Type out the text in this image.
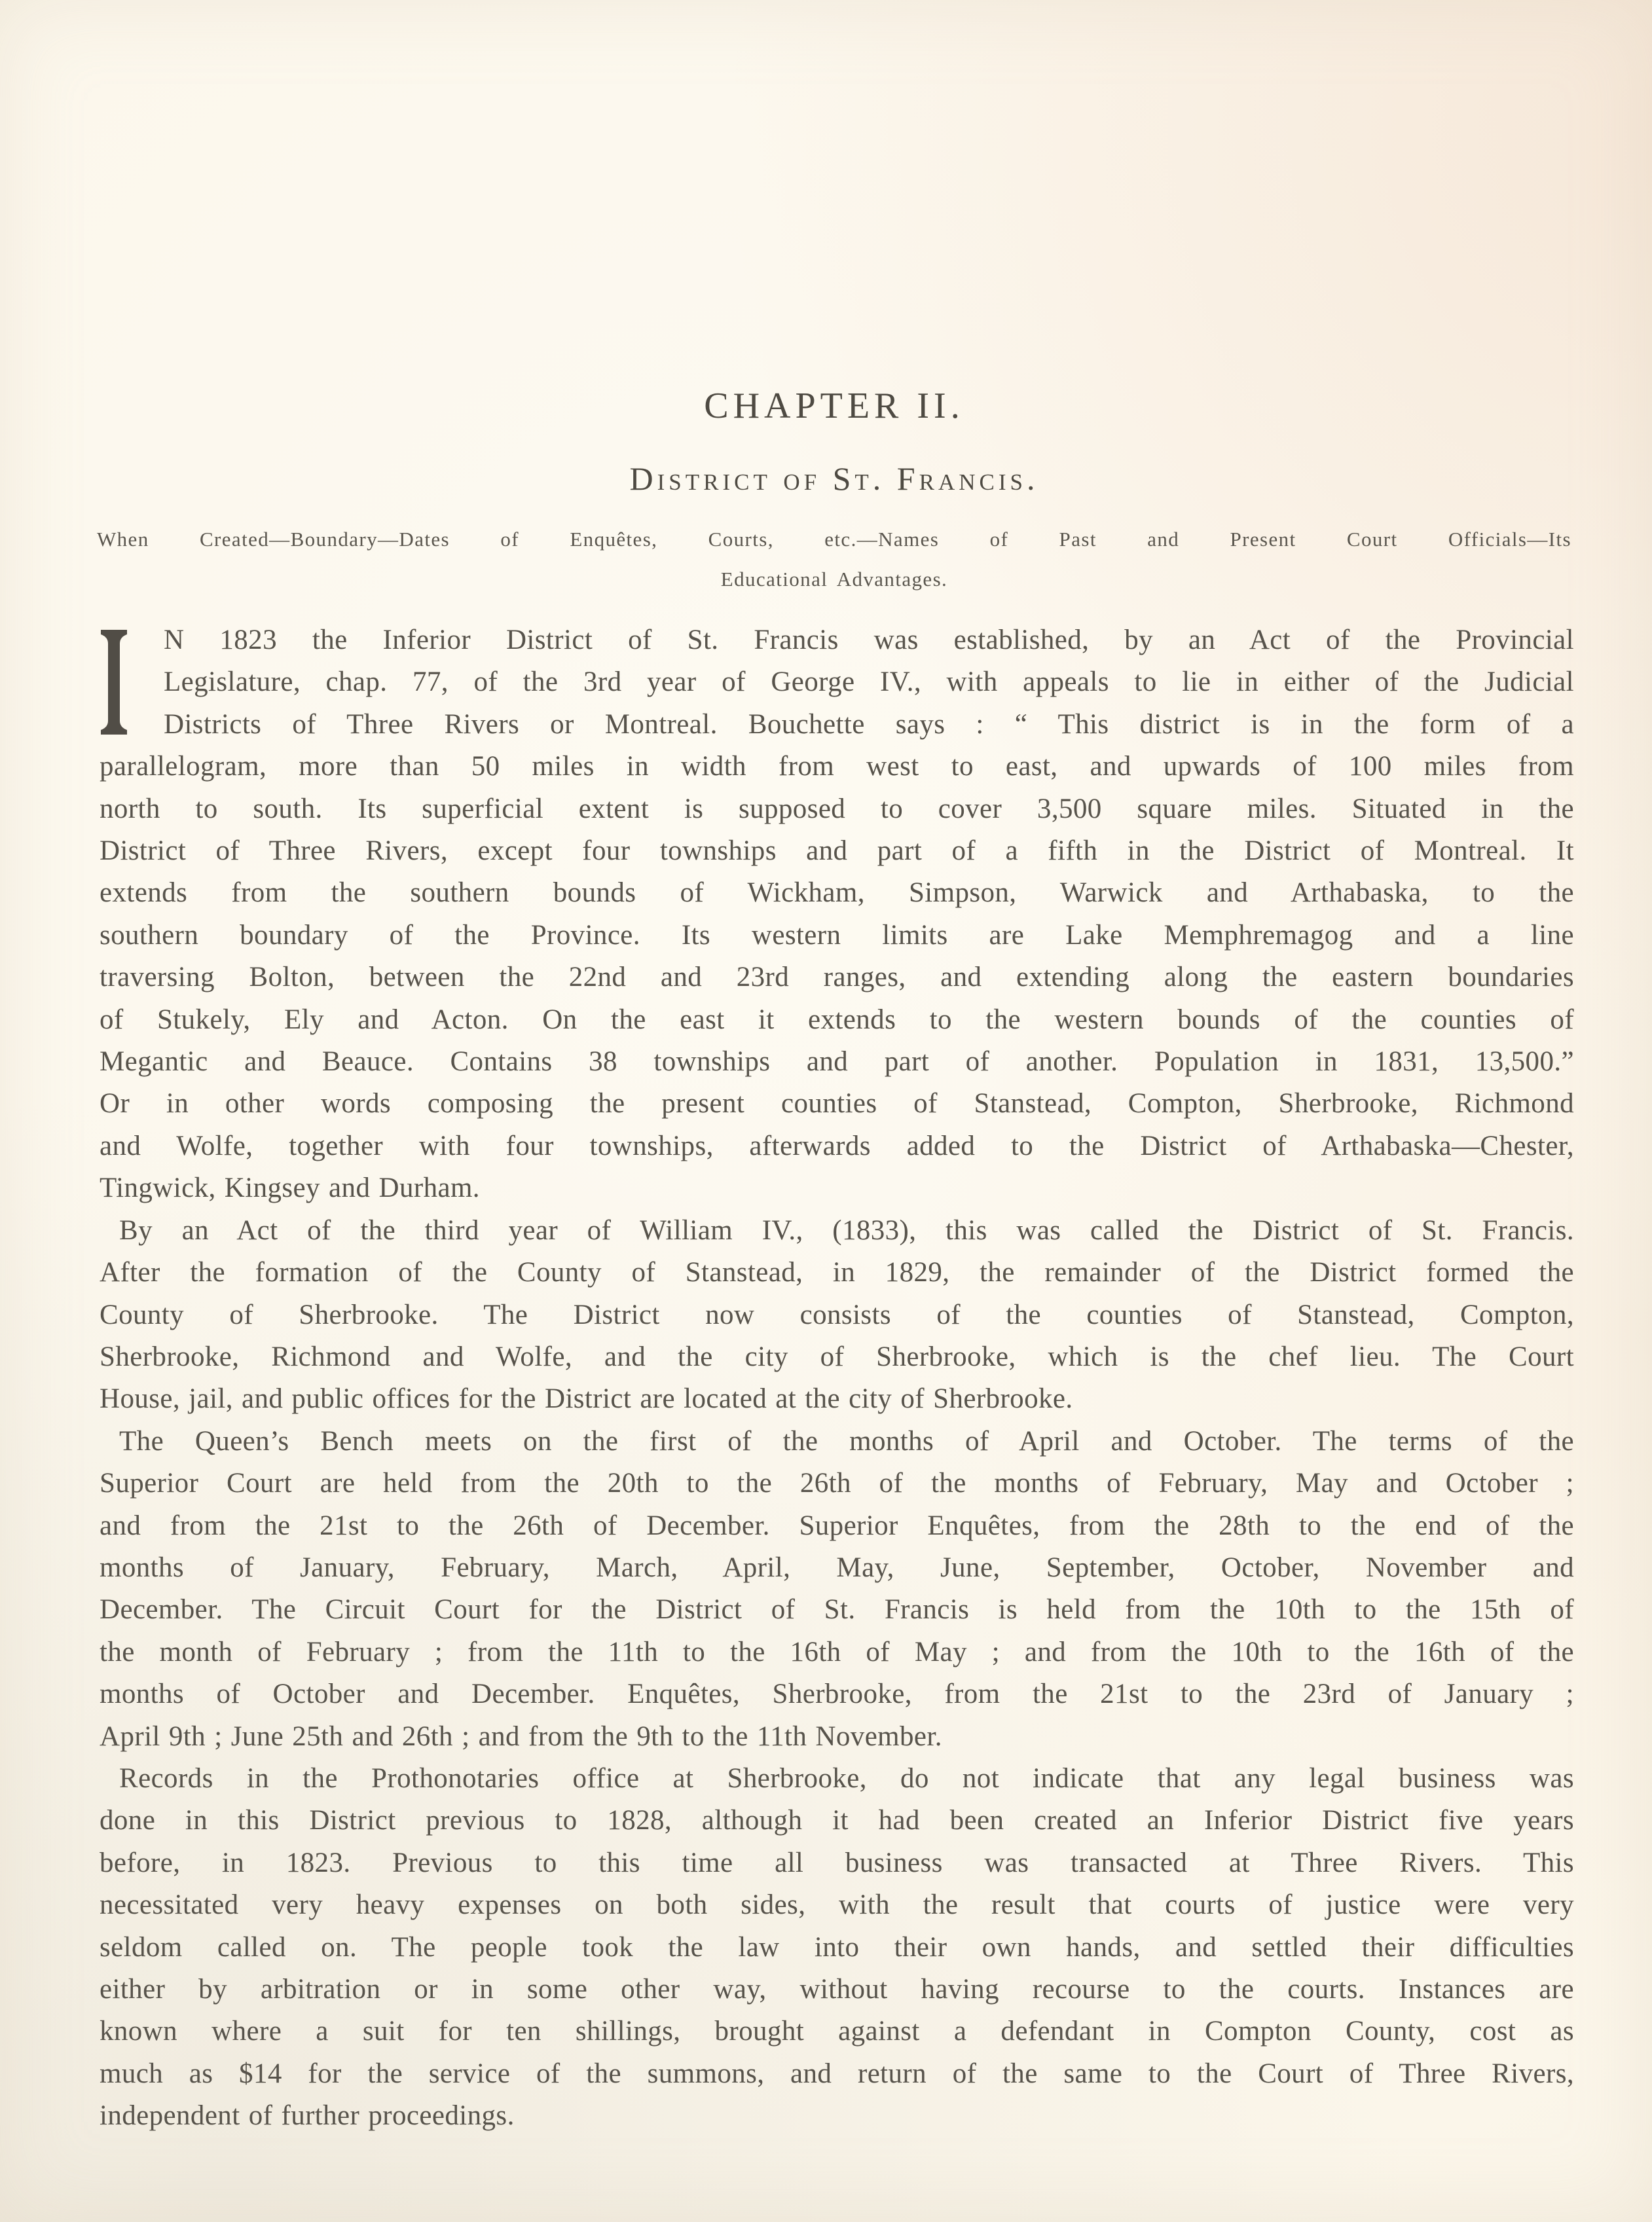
CHAPTER II.
District of St. Francis.
When Created—Boundary—Dates of Enquêtes, Courts, etc.—Names of Past and Present Court Officials—Its
Educational Advantages.
N 1823 the Inferior District of St. Francis was established, by an Act of the Provincial
Legislature, chap. 77, of the 3rd year of George IV., with appeals to lie in either of the Judicial
Districts of Three Rivers or Montreal. Bouchette says : “ This district is in the form of a
parallelogram, more than 50 miles in width from west to east, and upwards of 100 miles from
north to south. Its superficial extent is supposed to cover 3,500 square miles. Situated in the
District of Three Rivers, except four townships and part of a fifth in the District of Montreal. It
extends from the southern bounds of Wickham, Simpson, Warwick and Arthabaska, to the
southern boundary of the Province. Its western limits are Lake Memphremagog and a line
traversing Bolton, between the 22nd and 23rd ranges, and extending along the eastern boundaries
of Stukely, Ely and Acton. On the east it extends to the western bounds of the counties of
Megantic and Beauce. Contains 38 townships and part of another. Population in 1831, 13,500.”
Or in other words composing the present counties of Stanstead, Compton, Sherbrooke, Richmond
and Wolfe, together with four townships, afterwards added to the District of Arthabaska—Chester,
Tingwick, Kingsey and Durham.
By an Act of the third year of William IV., (1833), this was called the District of St. Francis.
After the formation of the County of Stanstead, in 1829, the remainder of the District formed the
County of Sherbrooke. The District now consists of the counties of Stanstead, Compton,
Sherbrooke, Richmond and Wolfe, and the city of Sherbrooke, which is the chef lieu. The Court
House, jail, and public offices for the District are located at the city of Sherbrooke.
The Queen’s Bench meets on the first of the months of April and October. The terms of the
Superior Court are held from the 20th to the 26th of the months of February, May and October ;
and from the 21st to the 26th of December. Superior Enquêtes, from the 28th to the end of the
months of January, February, March, April, May, June, September, October, November and
December. The Circuit Court for the District of St. Francis is held from the 10th to the 15th of
the month of February ; from the 11th to the 16th of May ; and from the 10th to the 16th of the
months of October and December. Enquêtes, Sherbrooke, from the 21st to the 23rd of January ;
April 9th ; June 25th and 26th ; and from the 9th to the 11th November.
Records in the Prothonotaries office at Sherbrooke, do not indicate that any legal business was
done in this District previous to 1828, although it had been created an Inferior District five years
before, in 1823. Previous to this time all business was transacted at Three Rivers. This
necessitated very heavy expenses on both sides, with the result that courts of justice were very
seldom called on. The people took the law into their own hands, and settled their difficulties
either by arbitration or in some other way, without having recourse to the courts. Instances are
known where a suit for ten shillings, brought against a defendant in Compton County, cost as
much as $14 for the service of the summons, and return of the same to the Court of Three Rivers,
independent of further proceedings.
